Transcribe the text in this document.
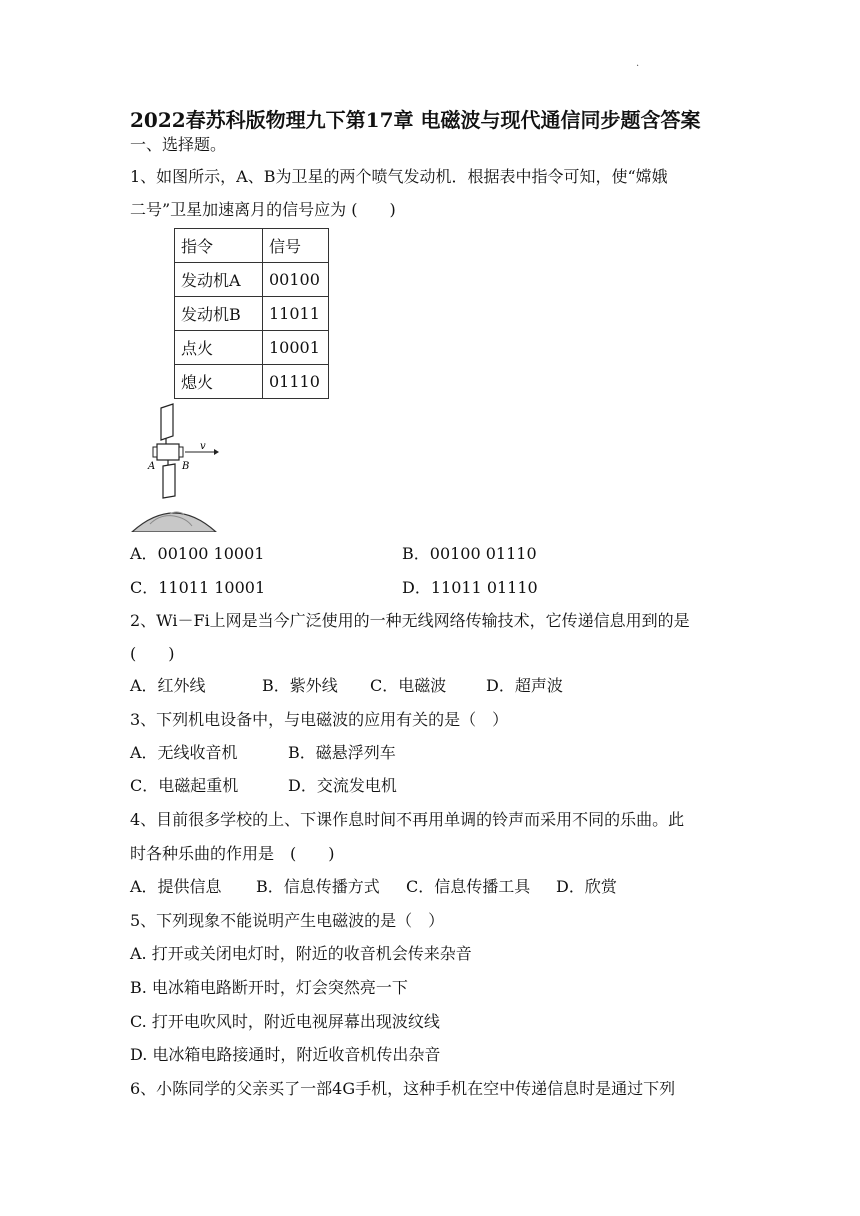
.
2022春苏科版物理九下第17章 电磁波与现代通信同步题含答案
一、选择题。
1、如图所示，A、B为卫星的两个喷气发动机．根据表中指令可知，使“嫦娥
二号”卫星加速离月的信号应为 (　　)
指令	信号
发动机A	00100
发动机B	11011
点火	10001
熄火	01110
A	B
v
A．00100 10001	B．00100 01110
C．11011 10001	D．11011 01110
2、Wi－Fi上网是当今广泛使用的一种无线网络传输技术，它传递信息用到的是
(　　)
A．红外线	B．紫外线 C．电磁波 D．超声波
3、下列机电设备中，与电磁波的应用有关的是（　）
A．无线收音机	B．磁悬浮列车
C．电磁起重机	D．交流发电机
4、目前很多学校的上、下课作息时间不再用单调的铃声而采用不同的乐曲。此
时各种乐曲的作用是　(　　)
A．提供信息 B．信息传播方式 C．信息传播工具 D．欣赏
5、下列现象不能说明产生电磁波的是（　）
A. 打开或关闭电灯时，附近的收音机会传来杂音
B. 电冰箱电路断开时，灯会突然亮一下
C. 打开电吹风时，附近电视屏幕出现波纹线
D. 电冰箱电路接通时，附近收音机传出杂音
6、小陈同学的父亲买了一部4G手机，这种手机在空中传递信息时是通过下列
